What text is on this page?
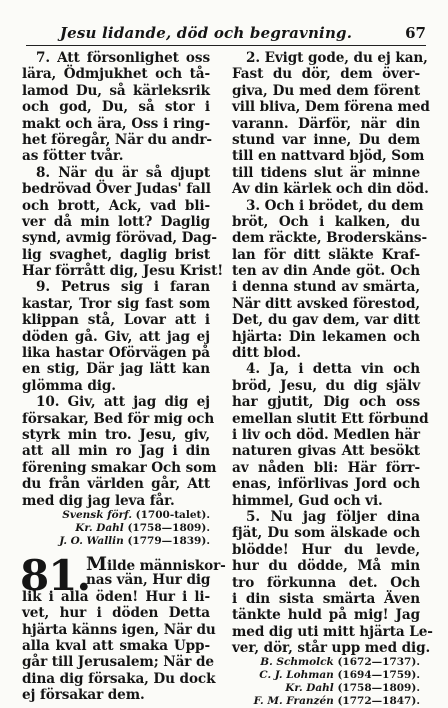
Jesu lidande, död och begravning.	67
7. Att försonlighet oss
lära, Ödmjukhet och tå-
lamod Du, så kärleksrik
och god, Du, så stor i
makt och ära, Oss i ring-
het föregår, När du andr-
as fötter tvår.
8. När du är så djupt
bedrövad Över Judas' fall
och brott, Ack, vad bli-
ver då min lott? Daglig
synd, avmig förövad, Dag-
lig svaghet, daglig brist
Har förrått dig, Jesu Krist!
9. Petrus sig i faran
kastar, Tror sig fast som
klippan stå, Lovar att i
döden gå. Giv, att jag ej
lika hastar Oförvägen på
en stig, Där jag lätt kan
glömma dig.
10. Giv, att jag dig ej
försakar, Bed för mig och
styrk min tro. Jesu, giv,
att all min ro Jag i din
förening smakar Och som
du från världen går, Att
med dig jag leva får.
Svensk förf. (1700-talet).
Kr. Dahl (1758—1809).
J. O. Wallin (1779—1839).
81.
Milde människor-
nas vän, Hur dig
lik i alla öden! Hur i li-
vet, hur i döden Detta
hjärta känns igen, När du
alla kval att smaka Upp-
går till Jerusalem; När de
dina dig försaka, Du dock
ej försakar dem.
2. Evigt gode, du ej kan,
Fast du dör, dem över-
giva, Du med dem förent
vill bliva, Dem förena med
varann. Därför, när din
stund var inne, Du dem
till en nattvard bjöd, Som
till tidens slut är minne
Av din kärlek och din död.
3. Och i brödet, du dem
bröt, Och i kalken, du
dem räckte, Broderskäns-
lan för ditt släkte Kraf-
ten av din Ande göt. Och
i denna stund av smärta,
När ditt avsked förestod,
Det, du gav dem, var ditt
hjärta: Din lekamen och
ditt blod.
4. Ja, i detta vin och
bröd, Jesu, du dig själv
har gjutit, Dig och oss
emellan slutit Ett förbund
i liv och död. Medlen här
naturen givas Att besökt
av nåden bli: Här förr-
enas, införlivas Jord och
himmel, Gud och vi.
5. Nu jag följer dina
fjät, Du som älskade och
blödde! Hur du levde,
hur du dödde, Må min
tro förkunna det. Och
i din sista smärta Även
tänkte huld på mig! Jag
med dig uti mitt hjärta Le-
ver, dör, står upp med dig.
B. Schmolck (1672—1737).
C. J. Lohman (1694—1759).
Kr. Dahl (1758—1809).
F. M. Franzén (1772—1847).
